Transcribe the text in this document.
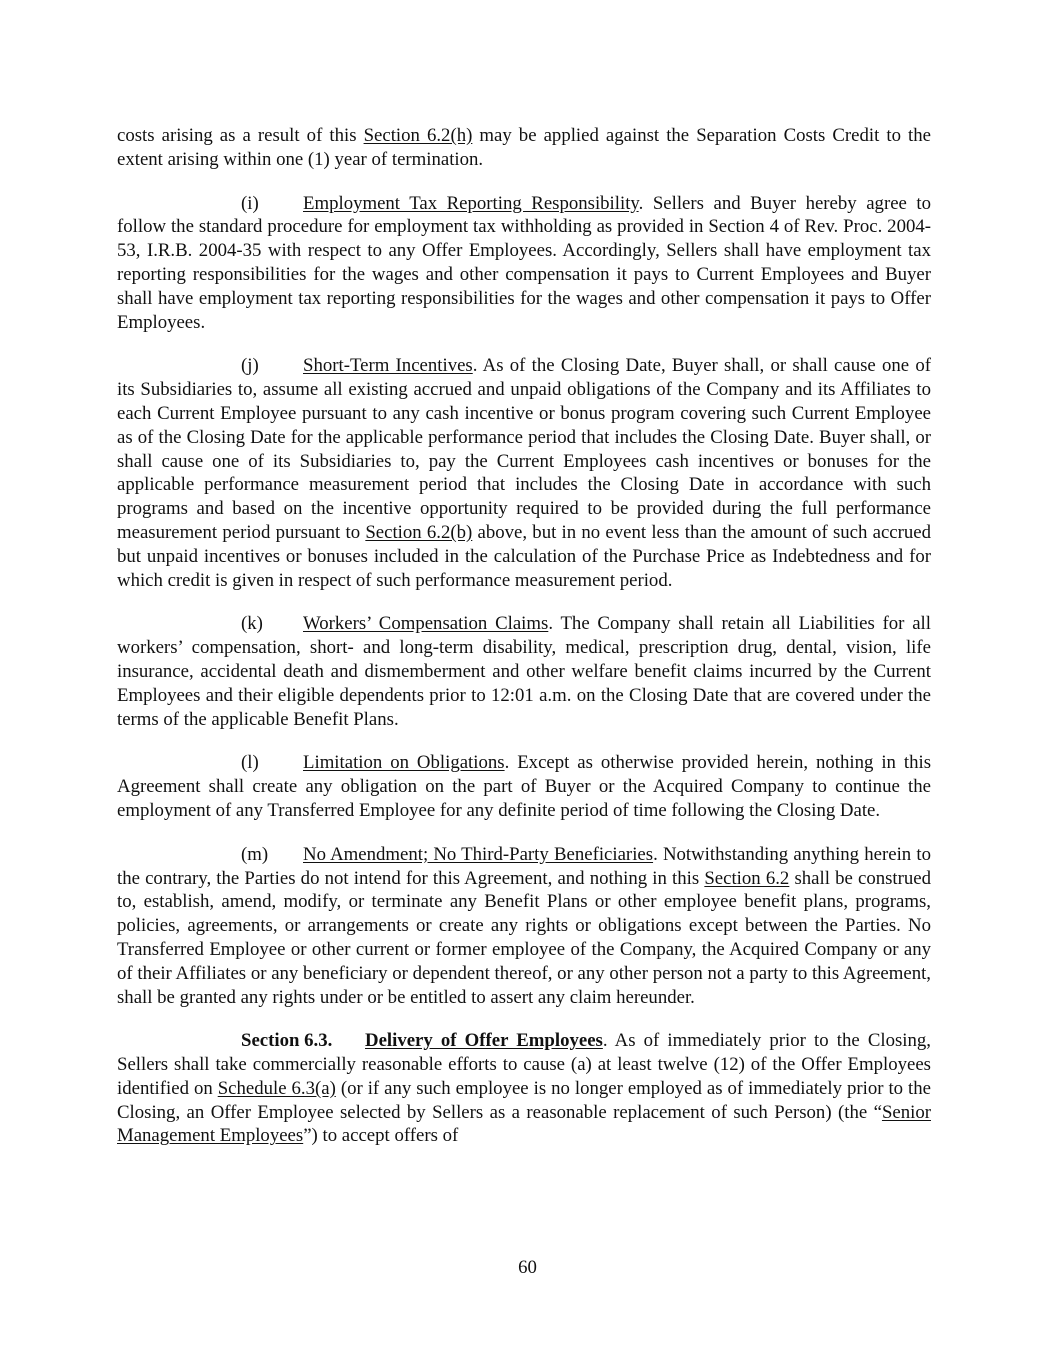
costs arising as a result of this Section 6.2(h) may be applied against the Separation Costs Credit to the extent arising within one (1) year of termination.

(i) Employment Tax Reporting Responsibility. Sellers and Buyer hereby agree to follow the standard procedure for employment tax withholding as provided in Section 4 of Rev. Proc. 2004-53, I.R.B. 2004-35 with respect to any Offer Employees. Accordingly, Sellers shall have employment tax reporting responsibilities for the wages and other compensation it pays to Current Employees and Buyer shall have employment tax reporting responsibilities for the wages and other compensation it pays to Offer Employees.

(j) Short-Term Incentives. As of the Closing Date, Buyer shall, or shall cause one of its Subsidiaries to, assume all existing accrued and unpaid obligations of the Company and its Affiliates to each Current Employee pursuant to any cash incentive or bonus program covering such Current Employee as of the Closing Date for the applicable performance period that includes the Closing Date. Buyer shall, or shall cause one of its Subsidiaries to, pay the Current Employees cash incentives or bonuses for the applicable performance measurement period that includes the Closing Date in accordance with such programs and based on the incentive opportunity required to be provided during the full performance measurement period pursuant to Section 6.2(b) above, but in no event less than the amount of such accrued but unpaid incentives or bonuses included in the calculation of the Purchase Price as Indebtedness and for which credit is given in respect of such performance measurement period.

(k) Workers’ Compensation Claims. The Company shall retain all Liabilities for all workers’ compensation, short- and long-term disability, medical, prescription drug, dental, vision, life insurance, accidental death and dismemberment and other welfare benefit claims incurred by the Current Employees and their eligible dependents prior to 12:01 a.m. on the Closing Date that are covered under the terms of the applicable Benefit Plans.

(l) Limitation on Obligations. Except as otherwise provided herein, nothing in this Agreement shall create any obligation on the part of Buyer or the Acquired Company to continue the employment of any Transferred Employee for any definite period of time following the Closing Date.

(m) No Amendment; No Third-Party Beneficiaries. Notwithstanding anything herein to the contrary, the Parties do not intend for this Agreement, and nothing in this Section 6.2 shall be construed to, establish, amend, modify, or terminate any Benefit Plans or other employee benefit plans, programs, policies, agreements, or arrangements or create any rights or obligations except between the Parties. No Transferred Employee or other current or former employee of the Company, the Acquired Company or any of their Affiliates or any beneficiary or dependent thereof, or any other person not a party to this Agreement, shall be granted any rights under or be entitled to assert any claim hereunder.

Section 6.3. Delivery of Offer Employees. As of immediately prior to the Closing, Sellers shall take commercially reasonable efforts to cause (a) at least twelve (12) of the Offer Employees identified on Schedule 6.3(a) (or if any such employee is no longer employed as of immediately prior to the Closing, an Offer Employee selected by Sellers as a reasonable replacement of such Person) (the “Senior Management Employees”) to accept offers of

60
